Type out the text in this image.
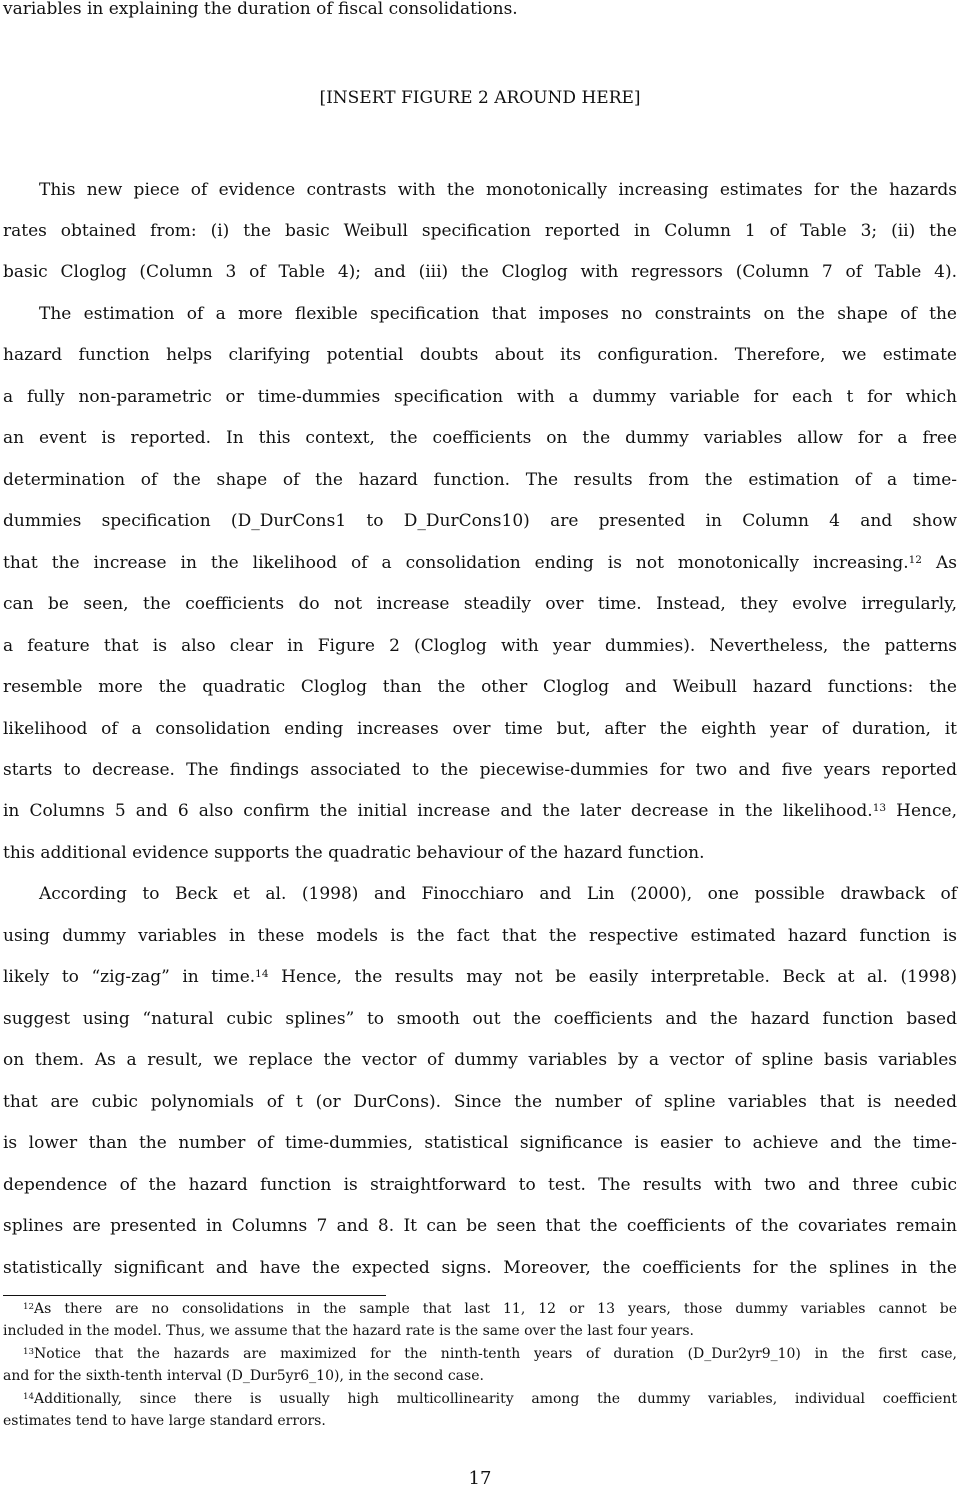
variables in explaining the duration of fiscal consolidations.
[INSERT FIGURE 2 AROUND HERE]
This new piece of evidence contrasts with the monotonically increasing estimates for the hazards
rates obtained from: (i) the basic Weibull specification reported in Column 1 of Table 3; (ii) the
basic Cloglog (Column 3 of Table 4); and (iii) the Cloglog with regressors (Column 7 of Table 4).
The estimation of a more flexible specification that imposes no constraints on the shape of the
hazard function helps clarifying potential doubts about its configuration. Therefore, we estimate
a fully non-parametric or time-dummies specification with a dummy variable for each t for which
an event is reported. In this context, the coefficients on the dummy variables allow for a free
determination of the shape of the hazard function. The results from the estimation of a time-
dummies specification (D_DurCons1 to D_DurCons10) are presented in Column 4 and show
that the increase in the likelihood of a consolidation ending is not monotonically increasing.$^{12}$ As
can be seen, the coefficients do not increase steadily over time. Instead, they evolve irregularly,
a feature that is also clear in Figure 2 (Cloglog with year dummies). Nevertheless, the patterns
resemble more the quadratic Cloglog than the other Cloglog and Weibull hazard functions: the
likelihood of a consolidation ending increases over time but, after the eighth year of duration, it
starts to decrease. The findings associated to the piecewise-dummies for two and five years reported
in Columns 5 and 6 also confirm the initial increase and the later decrease in the likelihood.$^{13}$ Hence,
this additional evidence supports the quadratic behaviour of the hazard function.
According to Beck et al. (1998) and Finocchiaro and Lin (2000), one possible drawback of
using dummy variables in these models is the fact that the respective estimated hazard function is
likely to “zig-zag” in time.$^{14}$ Hence, the results may not be easily interpretable. Beck at al. (1998)
suggest using “natural cubic splines” to smooth out the coefficients and the hazard function based
on them. As a result, we replace the vector of dummy variables by a vector of spline basis variables
that are cubic polynomials of t (or DurCons). Since the number of spline variables that is needed
is lower than the number of time-dummies, statistical significance is easier to achieve and the time-
dependence of the hazard function is straightforward to test. The results with two and three cubic
splines are presented in Columns 7 and 8. It can be seen that the coefficients of the covariates remain
statistically significant and have the expected signs. Moreover, the coefficients for the splines in the
$^{12}$As there are no consolidations in the sample that last 11, 12 or 13 years, those dummy variables cannot be
included in the model. Thus, we assume that the hazard rate is the same over the last four years.
$^{13}$Notice that the hazards are maximized for the ninth-tenth years of duration (D_Dur2yr9_10) in the first case,
and for the sixth-tenth interval (D_Dur5yr6_10), in the second case.
$^{14}$Additionally, since there is usually high multicollinearity among the dummy variables, individual coefficient
estimates tend to have large standard errors.
17
